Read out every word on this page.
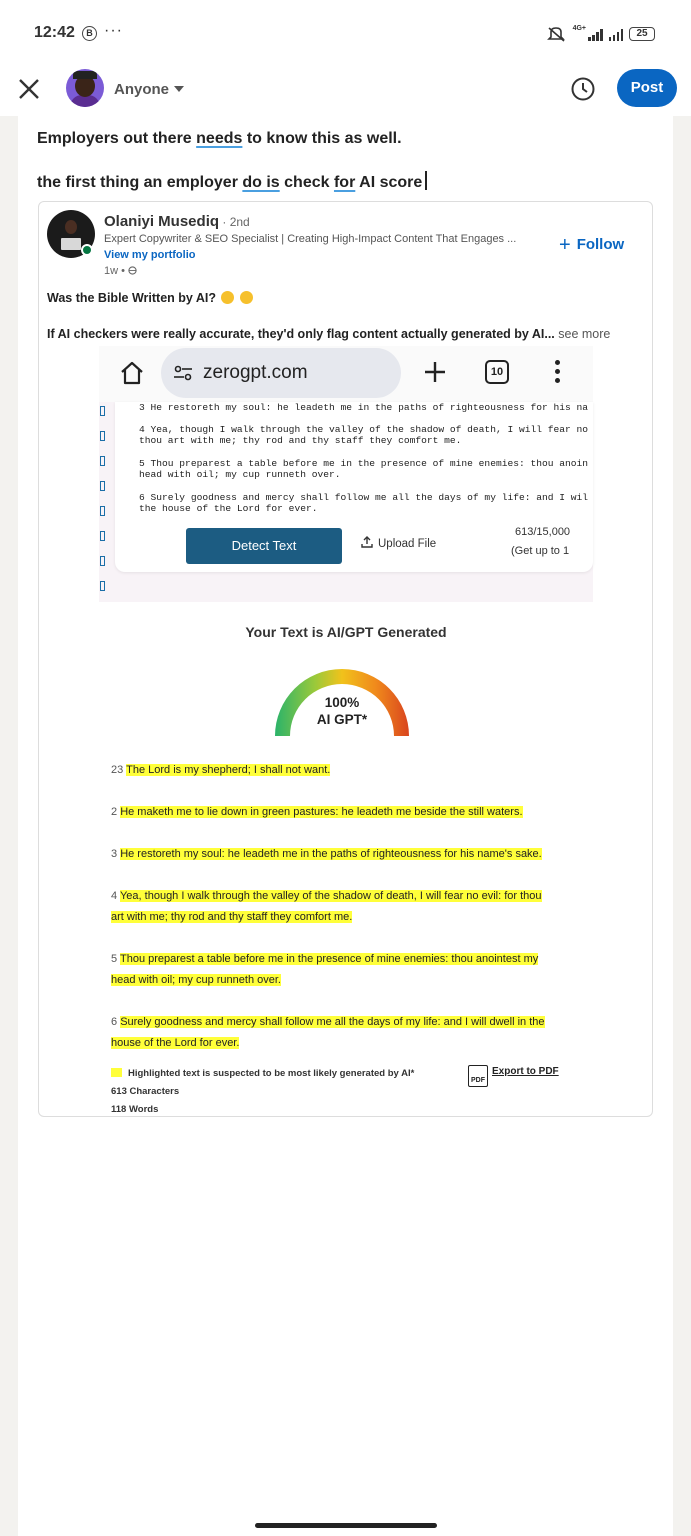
12:42	B ···	4G+	25
Anyone	Post
Employers out there needs to know this as well.
the first thing an employer do is check for AI score
Olaniyi Musediq · 2nd
Expert Copywriter & SEO Specialist | Creating High-Impact Content That Engages ...
View my portfolio
1w •
+ Follow
Was the Bible Written by AI?
If AI checkers were really accurate, they'd only flag content actually generated by AI... see more
zerogpt.com	10
3 He restoreth my soul: he leadeth me in the paths of righteousness for his na
4 Yea, though I walk through the valley of the shadow of death, I will fear no
thou art with me; thy rod and thy staff they comfort me.
5 Thou preparest a table before me in the presence of mine enemies: thou anoin
head with oil; my cup runneth over.
6 Surely goodness and mercy shall follow me all the days of my life: and I wil
the house of the Lord for ever.
Detect Text	Upload File
613/15,000
(Get up to 1
Your Text is AI/GPT Generated
100%
AI GPT*
23 The Lord is my shepherd; I shall not want.
2 He maketh me to lie down in green pastures: he leadeth me beside the still waters.
3 He restoreth my soul: he leadeth me in the paths of righteousness for his name's sake.
4 Yea, though I walk through the valley of the shadow of death, I will fear no evil: for thou
art with me; thy rod and thy staff they comfort me.
5 Thou preparest a table before me in the presence of mine enemies: thou anointest my
head with oil; my cup runneth over.
6 Surely goodness and mercy shall follow me all the days of my life: and I will dwell in the
house of the Lord for ever.
Highlighted text is suspected to be most likely generated by AI*
613 Characters
118 Words
PDF
Export to PDF
